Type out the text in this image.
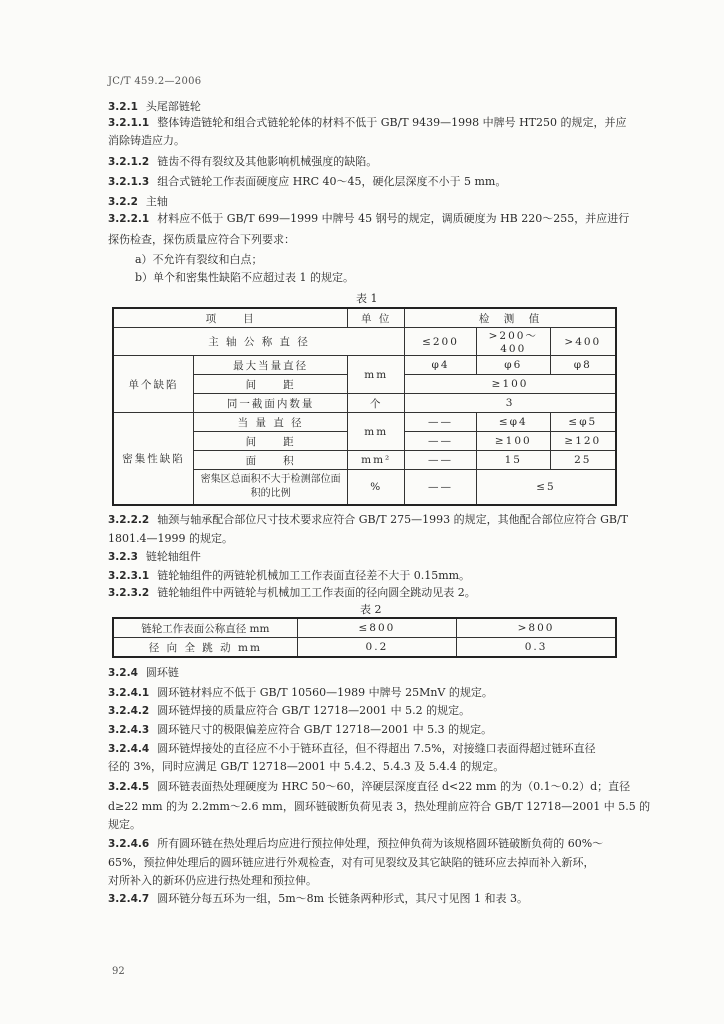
JC/T 459.2—2006
3.2.1 头尾部链轮
3.2.1.1 整体铸造链轮和组合式链轮轮体的材料不低于 GB/T 9439—1998 中牌号 HT250 的规定，并应
消除铸造应力。
3.2.1.2 链齿不得有裂纹及其他影响机械强度的缺陷。
3.2.1.3 组合式链轮工作表面硬度应 HRC 40～45，硬化层深度不小于 5 mm。
3.2.2 主轴
3.2.2.1 材料应不低于 GB/T 699—1999 中牌号 45 钢号的规定，调质硬度为 HB 220～255，并应进行
探伤检查，探伤质量应符合下列要求：
a）不允许有裂纹和白点；
b）单个和密集性缺陷不应超过表 1 的规定。
表 1
项　　目		单 位	检　测　值		
主 轴 公 称 直 径			≤200	>200～400	>400
单个缺陷	最大当量直径	mm	φ4	φ6	φ8
	间　　距		≥100		
	同一截面内数量	个	3		
密集性缺陷	当 量 直 径	mm	——	≤φ4	≤φ5
	间　　距		——	≥100	≥120
	面　　积	mm²	——	15	25
	密集区总面积不大于检测部位面积的比例	%	——	≤5	
3.2.2.2 轴颈与轴承配合部位尺寸技术要求应符合 GB/T 275—1993 的规定，其他配合部位应符合 GB/T
1801.4—1999 的规定。
3.2.3 链轮轴组件
3.2.3.1 链轮轴组件的两链轮机械加工工作表面直径差不大于 0.15mm。
3.2.3.2 链轮轴组件中两链轮与机械加工工作表面的径向圆全跳动见表 2。
表 2
链轮工作表面公称直径 mm	≤800	>800
径 向 全 跳 动 mm	0.2	0.3
3.2.4 圆环链
3.2.4.1 圆环链材料应不低于 GB/T 10560—1989 中牌号 25MnV 的规定。
3.2.4.2 圆环链焊接的质量应符合 GB/T 12718—2001 中 5.2 的规定。
3.2.4.3 圆环链尺寸的极限偏差应符合 GB/T 12718—2001 中 5.3 的规定。
3.2.4.4 圆环链焊接处的直径应不小于链环直径，但不得超出 7.5%，对接缝口表面得超过链环直径
径的 3%，同时应满足 GB/T 12718—2001 中 5.4.2、5.4.3 及 5.4.4 的规定。
3.2.4.5 圆环链表面热处理硬度为 HRC 50～60，淬硬层深度直径 d<22 mm 的为（0.1～0.2）d；直径
d≥22 mm 的为 2.2mm～2.6 mm，圆环链破断负荷见表 3，热处理前应符合 GB/T 12718—2001 中 5.5 的
规定。
3.2.4.6 所有圆环链在热处理后均应进行预拉伸处理，预拉伸负荷为该规格圆环链破断负荷的 60%～
65%，预拉伸处理后的圆环链应进行外观检查，对有可见裂纹及其它缺陷的链环应去掉而补入新环，
对所补入的新环仍应进行热处理和预拉伸。
3.2.4.7 圆环链分每五环为一组，5m～8m 长链条两种形式，其尺寸见图 1 和表 3。
92
